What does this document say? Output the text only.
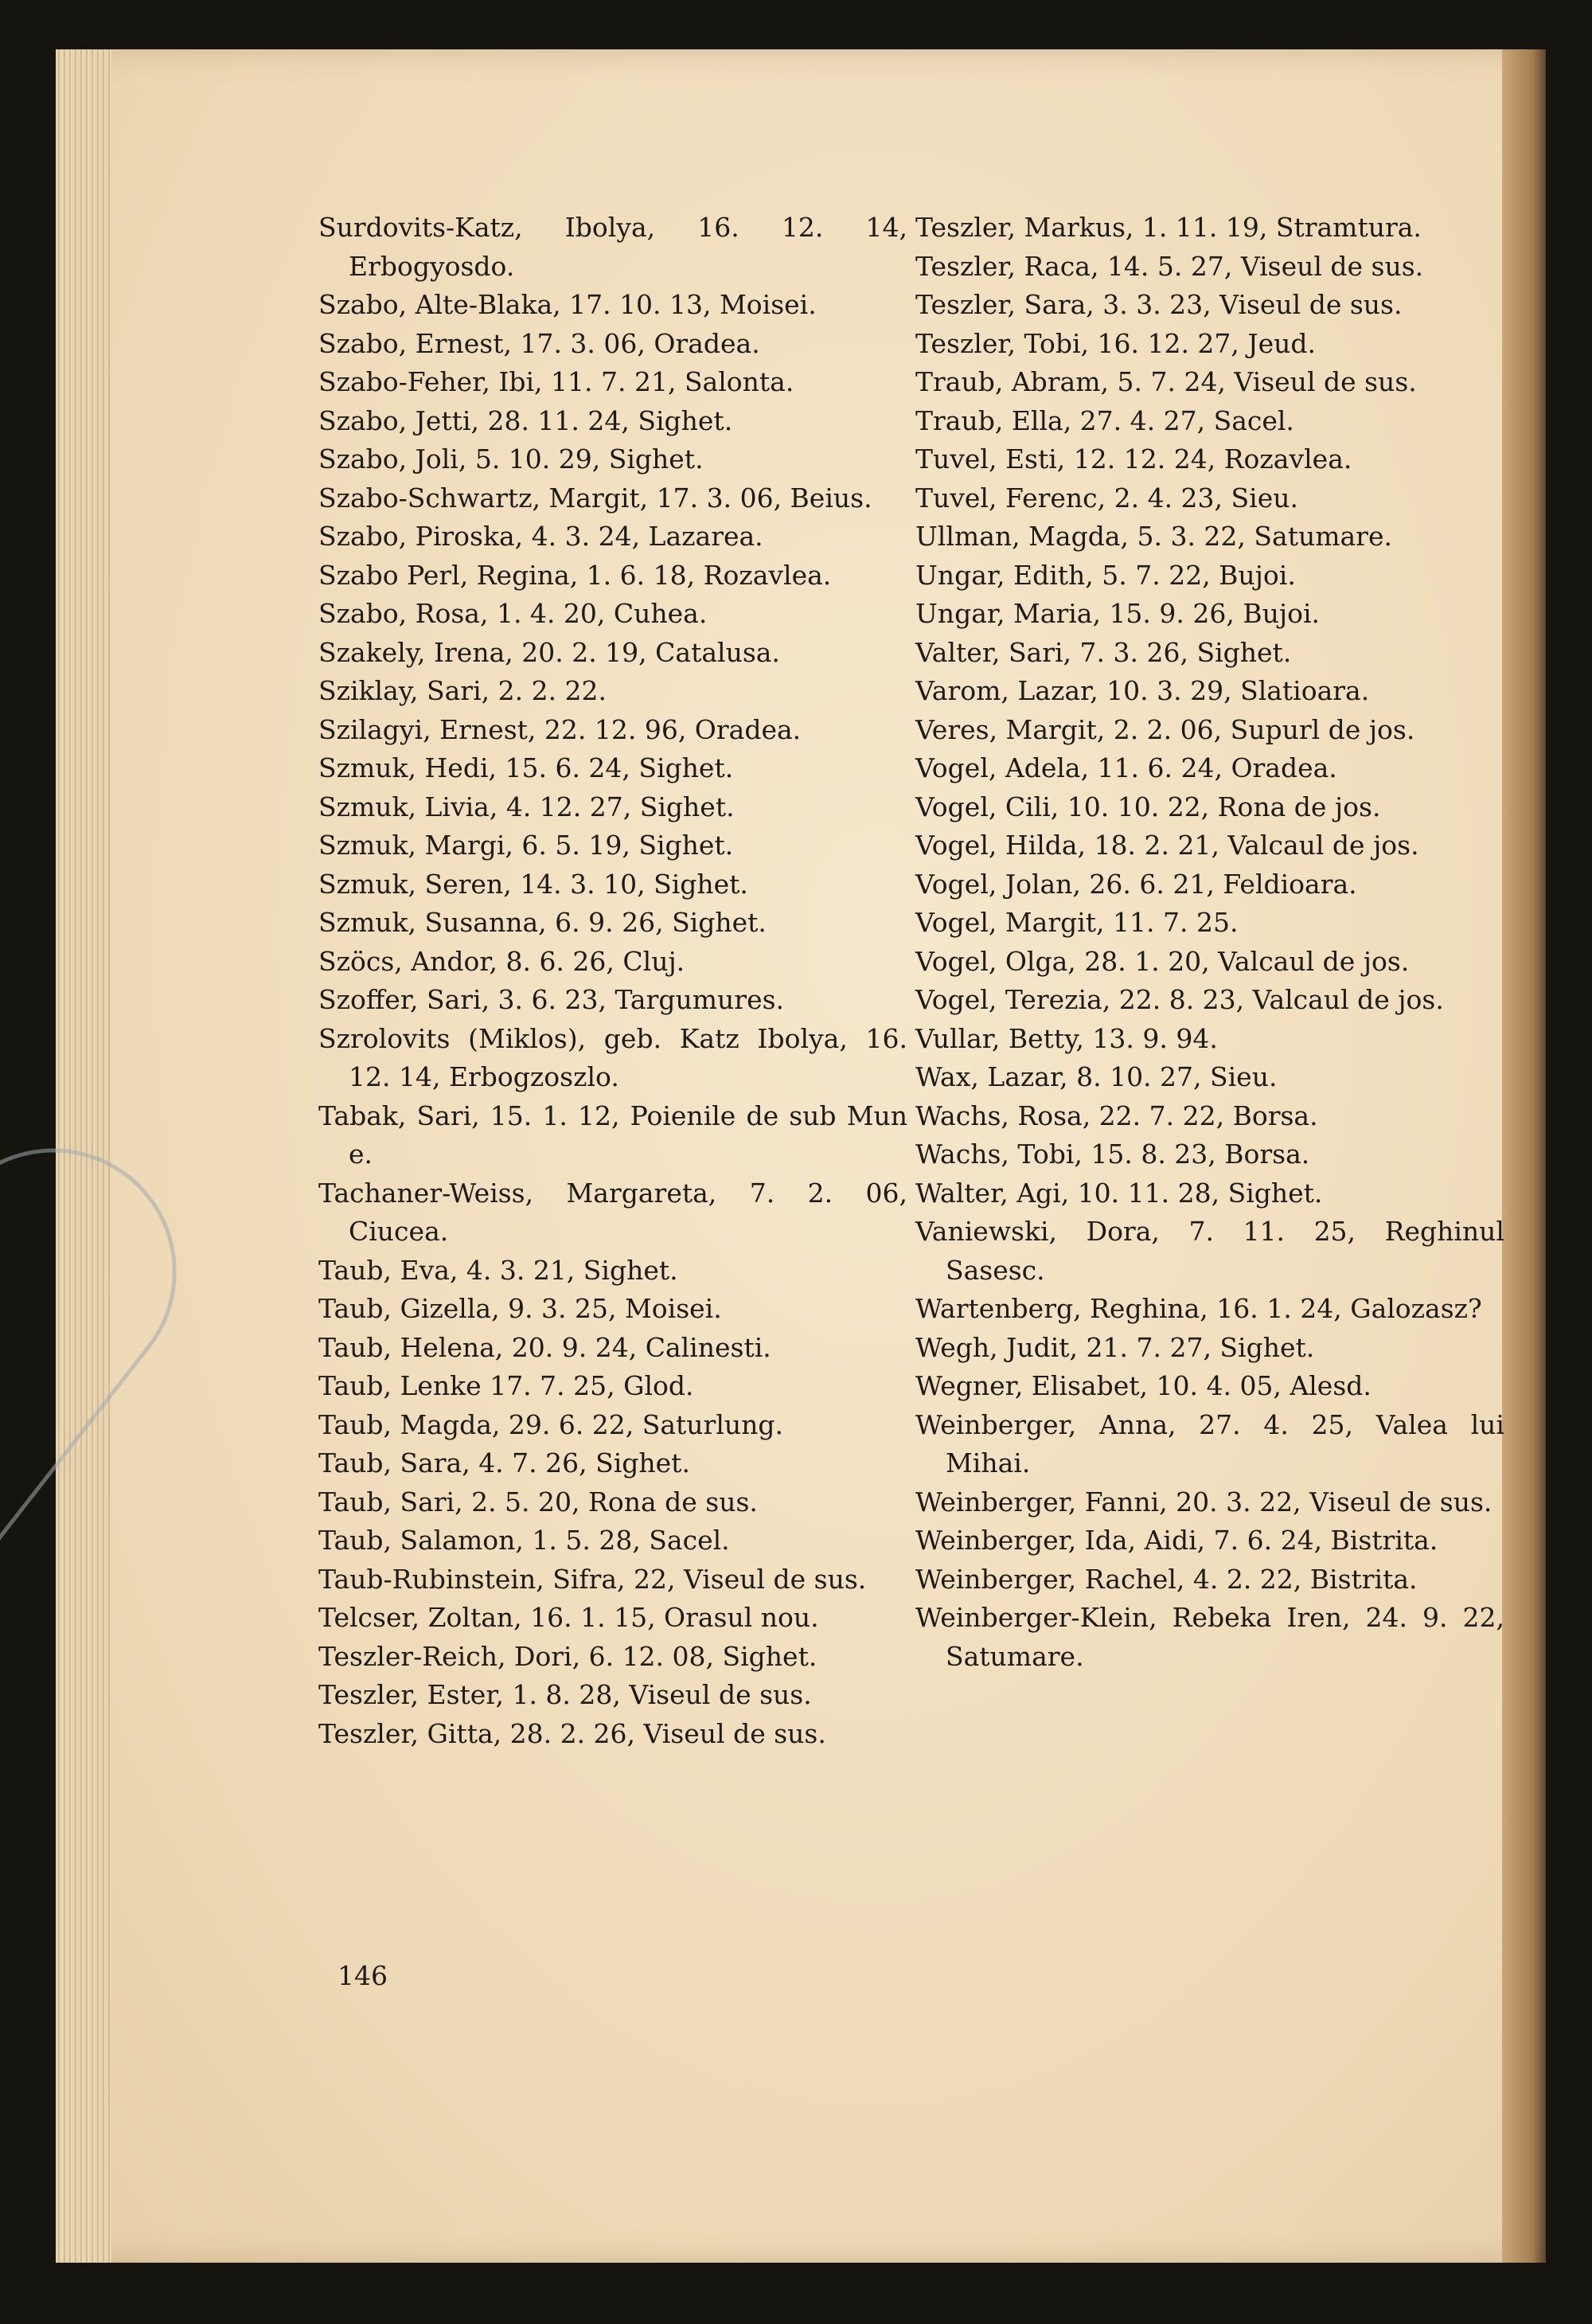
Surdovits-Katz, Ibolya, 16. 12. 14, Erbogyosdo.
Szabo, Alte-Blaka, 17. 10. 13, Moisei.
Szabo, Ernest, 17. 3. 06, Oradea.
Szabo-Feher, Ibi, 11. 7. 21, Salonta.
Szabo, Jetti, 28. 11. 24, Sighet.
Szabo, Joli, 5. 10. 29, Sighet.
Szabo-Schwartz, Margit, 17. 3. 06, Beius.
Szabo, Piroska, 4. 3. 24, Lazarea.
Szabo Perl, Regina, 1. 6. 18, Rozavlea.
Szabo, Rosa, 1. 4. 20, Cuhea.
Szakely, Irena, 20. 2. 19, Catalusa.
Sziklay, Sari, 2. 2. 22.
Szilagyi, Ernest, 22. 12. 96, Oradea.
Szmuk, Hedi, 15. 6. 24, Sighet.
Szmuk, Livia, 4. 12. 27, Sighet.
Szmuk, Margi, 6. 5. 19, Sighet.
Szmuk, Seren, 14. 3. 10, Sighet.
Szmuk, Susanna, 6. 9. 26, Sighet.
Szöcs, Andor, 8. 6. 26, Cluj.
Szoffer, Sari, 3. 6. 23, Targumures.
Szrolovits (Miklos), geb. Katz Ibolya, 16. 12. 14, Erbogzoszlo.
Tabak, Sari, 15. 1. 12, Poienile de sub Mun e.
Tachaner-Weiss, Margareta, 7. 2. 06, Ciucea.
Taub, Eva, 4. 3. 21, Sighet.
Taub, Gizella, 9. 3. 25, Moisei.
Taub, Helena, 20. 9. 24, Calinesti.
Taub, Lenke 17. 7. 25, Glod.
Taub, Magda, 29. 6. 22, Saturlung.
Taub, Sara, 4. 7. 26, Sighet.
Taub, Sari, 2. 5. 20, Rona de sus.
Taub, Salamon, 1. 5. 28, Sacel.
Taub-Rubinstein, Sifra, 22, Viseul de sus.
Telcser, Zoltan, 16. 1. 15, Orasul nou.
Teszler-Reich, Dori, 6. 12. 08, Sighet.
Teszler, Ester, 1. 8. 28, Viseul de sus.
Teszler, Gitta, 28. 2. 26, Viseul de sus.
Teszler, Markus, 1. 11. 19, Stramtura.
Teszler, Raca, 14. 5. 27, Viseul de sus.
Teszler, Sara, 3. 3. 23, Viseul de sus.
Teszler, Tobi, 16. 12. 27, Jeud.
Traub, Abram, 5. 7. 24, Viseul de sus.
Traub, Ella, 27. 4. 27, Sacel.
Tuvel, Esti, 12. 12. 24, Rozavlea.
Tuvel, Ferenc, 2. 4. 23, Sieu.
Ullman, Magda, 5. 3. 22, Satumare.
Ungar, Edith, 5. 7. 22, Bujoi.
Ungar, Maria, 15. 9. 26, Bujoi.
Valter, Sari, 7. 3. 26, Sighet.
Varom, Lazar, 10. 3. 29, Slatioara.
Veres, Margit, 2. 2. 06, Supurl de jos.
Vogel, Adela, 11. 6. 24, Oradea.
Vogel, Cili, 10. 10. 22, Rona de jos.
Vogel, Hilda, 18. 2. 21, Valcaul de jos.
Vogel, Jolan, 26. 6. 21, Feldioara.
Vogel, Margit, 11. 7. 25.
Vogel, Olga, 28. 1. 20, Valcaul de jos.
Vogel, Terezia, 22. 8. 23, Valcaul de jos.
Vullar, Betty, 13. 9. 94.
Wax, Lazar, 8. 10. 27, Sieu.
Wachs, Rosa, 22. 7. 22, Borsa.
Wachs, Tobi, 15. 8. 23, Borsa.
Walter, Agi, 10. 11. 28, Sighet.
Vaniewski, Dora, 7. 11. 25, Reghinul Sasesc.
Wartenberg, Reghina, 16. 1. 24, Galozasz?
Wegh, Judit, 21. 7. 27, Sighet.
Wegner, Elisabet, 10. 4. 05, Alesd.
Weinberger, Anna, 27. 4. 25, Valea lui Mihai.
Weinberger, Fanni, 20. 3. 22, Viseul de sus.
Weinberger, Ida, Aidi, 7. 6. 24, Bistrita.
Weinberger, Rachel, 4. 2. 22, Bistrita.
Weinberger-Klein, Rebeka Iren, 24. 9. 22, Satumare.
146
